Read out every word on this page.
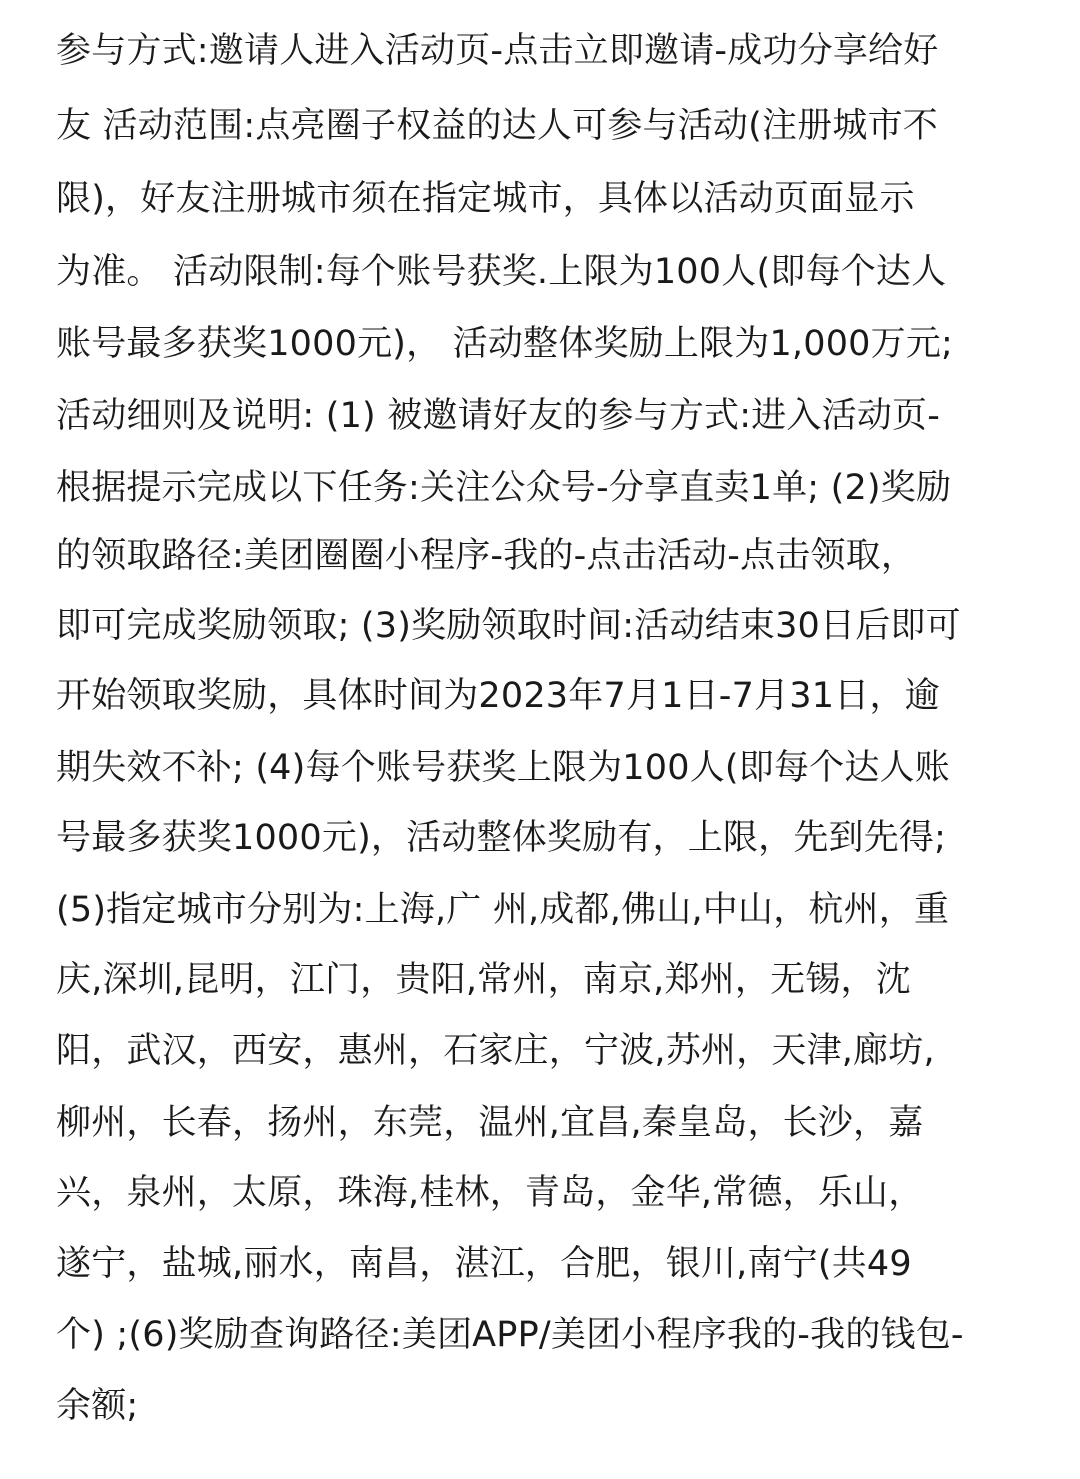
参与方式:邀请人进入活动页-点击立即邀请-成功分享给好
友 活动范围:点亮圈子权益的达人可参与活动(注册城市不
限)，好友注册城市须在指定城市，具体以活动页面显示
为准。 活动限制:每个账号获奖.上限为100人(即每个达人
账号最多获奖1000元)， 活动整体奖励上限为1,000万元;
活动细则及说明: (1) 被邀请好友的参与方式:进入活动页-
根据提示完成以下任务:关注公众号-分享直卖1单; (2)奖励
的领取路径:美团圈圈小程序-我的-点击活动-点击领取，
即可完成奖励领取; (3)奖励领取时间:活动结束30日后即可
开始领取奖励，具体时间为2023年7月1日-7月31日，逾
期失效不补; (4)每个账号获奖上限为100人(即每个达人账
号最多获奖1000元)，活动整体奖励有，上限，先到先得;
(5)指定城市分别为:上海,广 州,成都,佛山,中山，杭州，重
庆,深圳,昆明，江门，贵阳,常州，南京,郑州，无锡，沈
阳，武汉，西安，惠州，石家庄，宁波,苏州，天津,廊坊,
柳州，长春，扬州，东莞，温州,宜昌,秦皇岛，长沙，嘉
兴，泉州，太原，珠海,桂林，青岛，金华,常德，乐山，
遂宁，盐城,丽水，南昌，湛江，合肥，银川,南宁(共49
个) ;(6)奖励查询路径:美团APP/美团小程序我的-我的钱包-
余额;
